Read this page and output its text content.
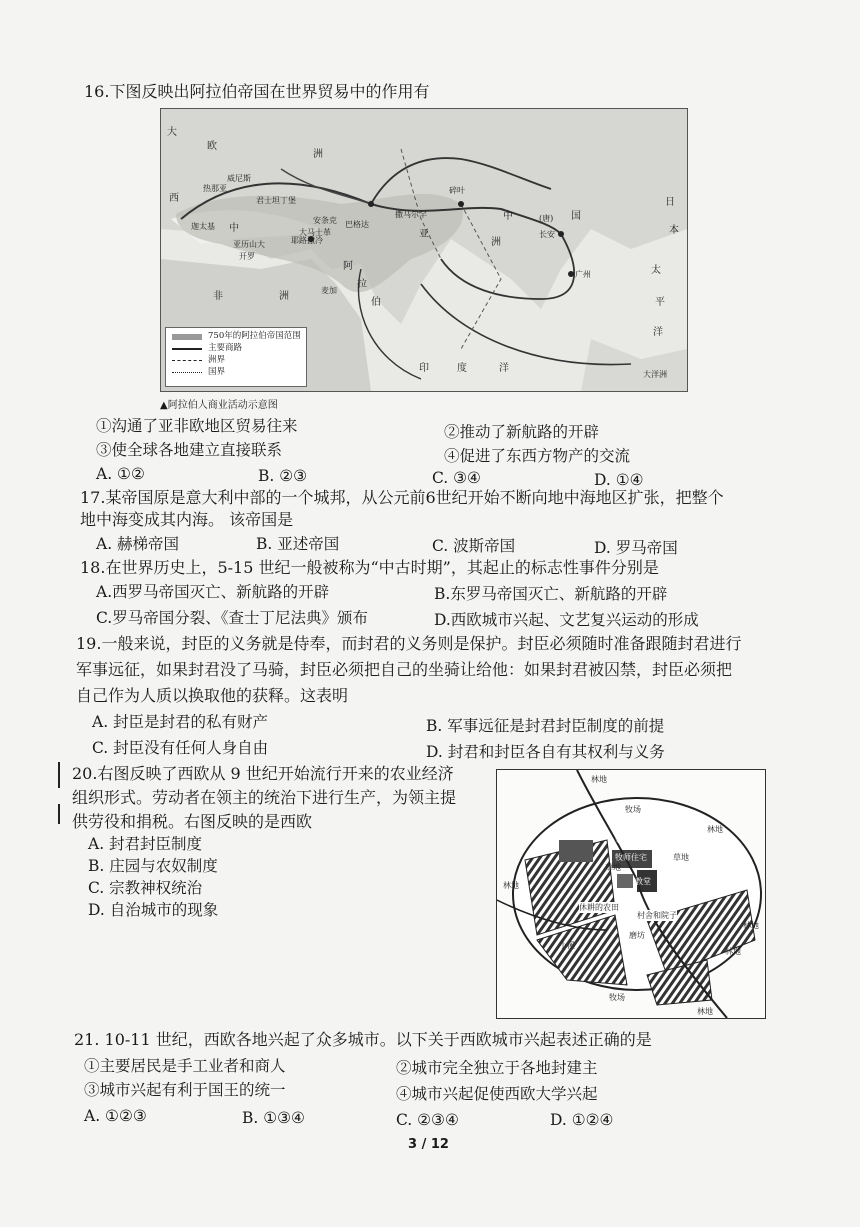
16.下图反映出阿拉伯帝国在世界贸易中的作用有
大
欧
洲
威尼斯
热那亚
君士坦丁堡
西
中
迦太基
亚历山大
开罗
耶路撒冷
大马士革
巴格达
安条克
撒马尔罕
碎叶
中	(唐) 国
洲
长安
广州
非	洲
阿
拉
伯
麦加
亚
印	度	洋
太
平
洋
大洋洲
日
本
750年的阿拉伯帝国范围
主要商路
洲界
国界
▲阿拉伯人商业活动示意图
①沟通了亚非欧地区贸易往来	②推动了新航路的开辟
③使全球各地建立直接联系	④促进了东西方物产的交流
A. ①②	B. ②③	C. ③④	D. ①④
17.某帝国原是意大利中部的一个城邦，从公元前6世纪开始不断向地中海地区扩张，把整个
地中海变成其内海。 该帝国是
A. 赫梯帝国	B. 亚述帝国	C. 波斯帝国	D. 罗马帝国
18.在世界历史上，5-15 世纪一般被称为“中古时期”，其起止的标志性事件分别是
A.西罗马帝国灭亡、新航路的开辟	B.东罗马帝国灭亡、新航路的开辟
C.罗马帝国分裂、《查士丁尼法典》颁布	D.西欧城市兴起、文艺复兴运动的形成
19.一般来说，封臣的义务就是侍奉，而封君的义务则是保护。封臣必须随时准备跟随封君进行
军事远征，如果封君没了马骑，封臣必须把自己的坐骑让给他：如果封君被囚禁，封臣必须把
自己作为人质以换取他的获释。这表明
A. 封臣是封君的私有财产	B. 军事远征是封君封臣制度的前提
C. 封臣没有任何人身自由	D. 封君和封臣各自有其权利与义务
20.右图反映了西欧从 9 世纪开始流行开来的农业经济
组织形式。劳动者在领主的统治下进行生产，为领主提
供劳役和捐税。右图反映的是西欧
A. 封君封臣制度
B. 庄园与农奴制度
C. 宗教神权统治
D. 自治城市的现象
林地
牧场
领主住宅
牧师住宅
教堂
草地
林地
林地
草地
休耕的农田
村舍和院子
小溪
磨坊
牧场
林地
林地
林地
21. 10-11 世纪，西欧各地兴起了众多城市。以下关于西欧城市兴起表述正确的是
①主要居民是手工业者和商人	②城市完全独立于各地封建主
③城市兴起有利于国王的统一	④城市兴起促使西欧大学兴起
A. ①②③	B. ①③④	C. ②③④	D. ①②④
3 / 12
